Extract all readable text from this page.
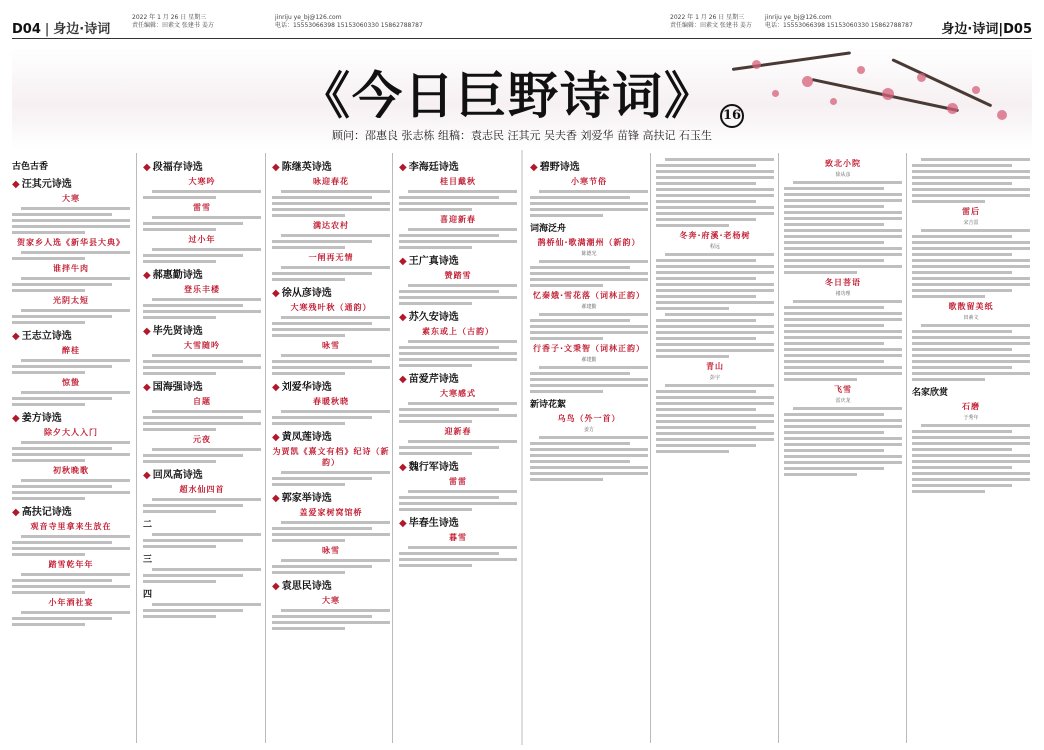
D04 | 身边·诗词
2022 年 1 月 26 日 星期三
责任编辑：田素文 张建书 姜方
jinriju ye_bj@126.com
电话：15553066398 15153060330 15862788787
2022 年 1 月 26 日 星期三
责任编辑：田素文 张建书 姜方
jinriju ye_bj@126.com
电话：15553066398 15153060330 15862788787 身边·诗词|D05
《今日巨野诗词》 16
顾问：邵惠良 张志栋 组稿：袁志民 汪其元 吴夫香 刘爱华 苗锋 高扶记 石玉生
古色古香
◆ 汪其元诗选
大寒
贺家乡人选《新华县大典》
谁拌牛肉
光阴太短
◆ 王志立诗选
醉桂
惊蛰
◆ 姜方诗选
除夕大人入门
初秋晚歌
◆ 高扶记诗选
观音寺里拿来生放在
踏雪乾年年
小年酒社宴
◆ 段福存诗选
大寒吟
雷雪
过小年
◆ 郝惠勤诗选
登乐丰楼
◆ 毕先贤诗选
大雪随吟
◆ 国海强诗选
自题
元夜
◆ 回凤高诗选
超水仙四首
二
三
四
◆ 陈继英诗选
咏迎春花
满达农村
一闸再无情
◆ 徐从彦诗选
大寒残叶秋（通韵）
咏雪
◆ 刘爱华诗选
春暖秋晓
◆ 黄凤莲诗选
为贾凯《熹文有档》纪诗（新韵）
◆ 郭家举诗选
盖爱家树窝馆桥
咏雪
◆ 袁思民诗选
大寒
◆ 李海廷诗选
桂目戴秋
喜迎新春
◆ 王广真诗选
赞踏雪
◆ 苏久安诗选
素东或上（古韵）
◆ 苗爱芹诗选
大寒感式
迎新春
◆ 魏行军诗选
雷雷
◆ 毕春生诗选
暮雪
◆ 碧野诗选
小寒节俗
词海泛舟
鹊桥仙·歌满潮州（新韵）
陈德光
忆秦娥·雪花落（词林正韵）
郝建勤
行香子·文秉智（词林正韵）
郝建勤
新诗花絮
乌鸟（外一首）
姜方
冬奔·府溪·老杨树
程远
青山
彭宇
致北小院
徐从彦
冬日菩语
褚功理
飞雪
雷庆龙
雷后
宋吉雷
歌散留美纸
田素文
名家欣赏
石磨
于秀年
